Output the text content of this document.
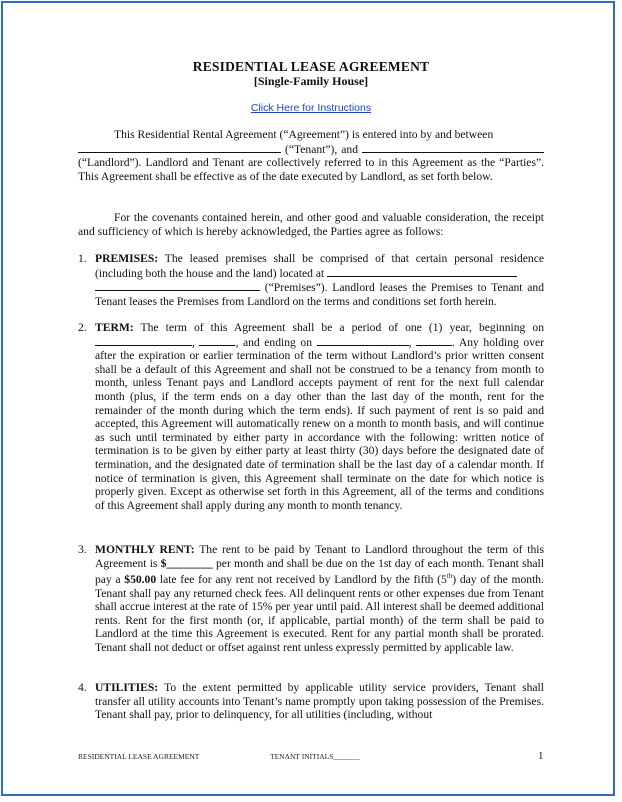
RESIDENTIAL LEASE AGREEMENT
[Single-Family House]
Click Here for Instructions
This Residential Rental Agreement (“Agreement”) is entered into by and between
(“Tenant”), and  (“Landlord”). Landlord and Tenant are collectively referred to in this Agreement as the “Parties”. This Agreement shall be effective as of the date executed by Landlord, as set forth below.
For the covenants contained herein, and other good and valuable consideration, the receipt and sufficiency of which is hereby acknowledged, the Parties agree as follows:
1. PREMISES: The leased premises shall be comprised of that certain personal residence (including both the house and the land) located at
(“Premises”). Landlord leases the Premises to Tenant and Tenant leases the Premises from Landlord on the terms and conditions set forth herein.
2. TERM: The term of this Agreement shall be a period of one (1) year, beginning on ,	, and ending on	,	. Any holding over after the expiration or earlier termination of the term without Landlord’s prior written consent shall be a default of this Agreement and shall not be construed to be a tenancy from month to month, unless Tenant pays and Landlord accepts payment of rent for the next full calendar month (plus, if the term ends on a day other than the last day of the month, rent for the remainder of the month during which the term ends). If such payment of rent is so paid and accepted, this Agreement will automatically renew on a month to month basis, and will continue as such until terminated by either party in accordance with the following: written notice of termination is to be given by either party at least thirty (30) days before the designated date of termination, and the designated date of termination shall be the last day of a calendar month. If notice of termination is given, this Agreement shall terminate on the date for which notice is properly given. Except as otherwise set forth in this Agreement, all of the terms and conditions of this Agreement shall apply during any month to month tenancy.
3. MONTHLY RENT: The rent to be paid by Tenant to Landlord throughout the term of this Agreement is $________ per month and shall be due on the 1st day of each month. Tenant shall pay a $50.00 late fee for any rent not received by Landlord by the fifth (5th) day of the month. Tenant shall pay any returned check fees. All delinquent rents or other expenses due from Tenant shall accrue interest at the rate of 15% per year until paid. All interest shall be deemed additional rents. Rent for the first month (or, if applicable, partial month) of the term shall be paid to Landlord at the time this Agreement is executed. Rent for any partial month shall be prorated. Tenant shall not deduct or offset against rent unless expressly permitted by applicable law.
4. UTILITIES: To the extent permitted by applicable utility service providers, Tenant shall transfer all utility accounts into Tenant’s name promptly upon taking possession of the Premises. Tenant shall pay, prior to delinquency, for all utilities (including, without
RESIDENTIAL LEASE AGREEMENT	TENANT INITIALS_______	1
